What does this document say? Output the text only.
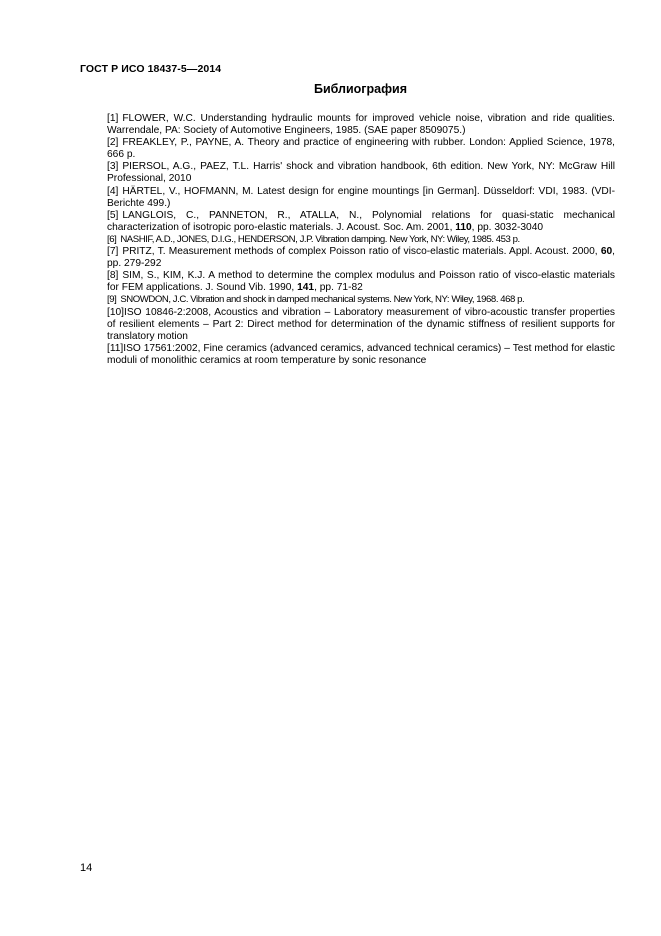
ГОСТ Р ИСО 18437-5—2014
Библиография

[1] FLOWER, W.C. Understanding hydraulic mounts for improved vehicle noise, vibration and ride qualities. Warrendale, PA: Society of Automotive Engineers, 1985. (SAE paper 8509075.)

[2] FREAKLEY, P., PAYNE, A. Theory and practice of engineering with rubber. London: Applied Science, 1978, 666 p.

[3] PIERSOL, A.G., PAEZ, T.L. Harris' shock and vibration handbook, 6th edition. New York, NY: McGraw Hill Professional, 2010

[4] HÄRTEL, V., HOFMANN, M. Latest design for engine mountings [in German]. Düsseldorf: VDI, 1983. (VDI-Berichte 499.)

[5] LANGLOIS, C., PANNETON, R., ATALLA, N., Polynomial relations for quasi-static mechanical characterization of isotropic poro-elastic materials. J. Acoust. Soc. Am. 2001, 110, pp. 3032-3040

[6] NASHIF, A.D., JONES, D.I.G., HENDERSON, J.P. Vibration damping. New York, NY: Wiley, 1985. 453 p.

[7] PRITZ, T. Measurement methods of complex Poisson ratio of visco-elastic materials. Appl. Acoust. 2000, 60, pp. 279-292

[8] SIM, S., KIM, K.J. A method to determine the complex modulus and Poisson ratio of visco-elastic materials for FEM applications. J. Sound Vib. 1990, 141, pp. 71-82

[9] SNOWDON, J.C. Vibration and shock in damped mechanical systems. New York, NY: Wiley, 1968. 468 p.

[10]ISO 10846-2:2008, Acoustics and vibration – Laboratory measurement of vibro-acoustic transfer properties of resilient elements – Part 2: Direct method for determination of the dynamic stiffness of resilient supports for translatory motion

[11]ISO 17561:2002, Fine ceramics (advanced ceramics, advanced technical ceramics) – Test method for elastic moduli of monolithic ceramics at room temperature by sonic resonance

14
